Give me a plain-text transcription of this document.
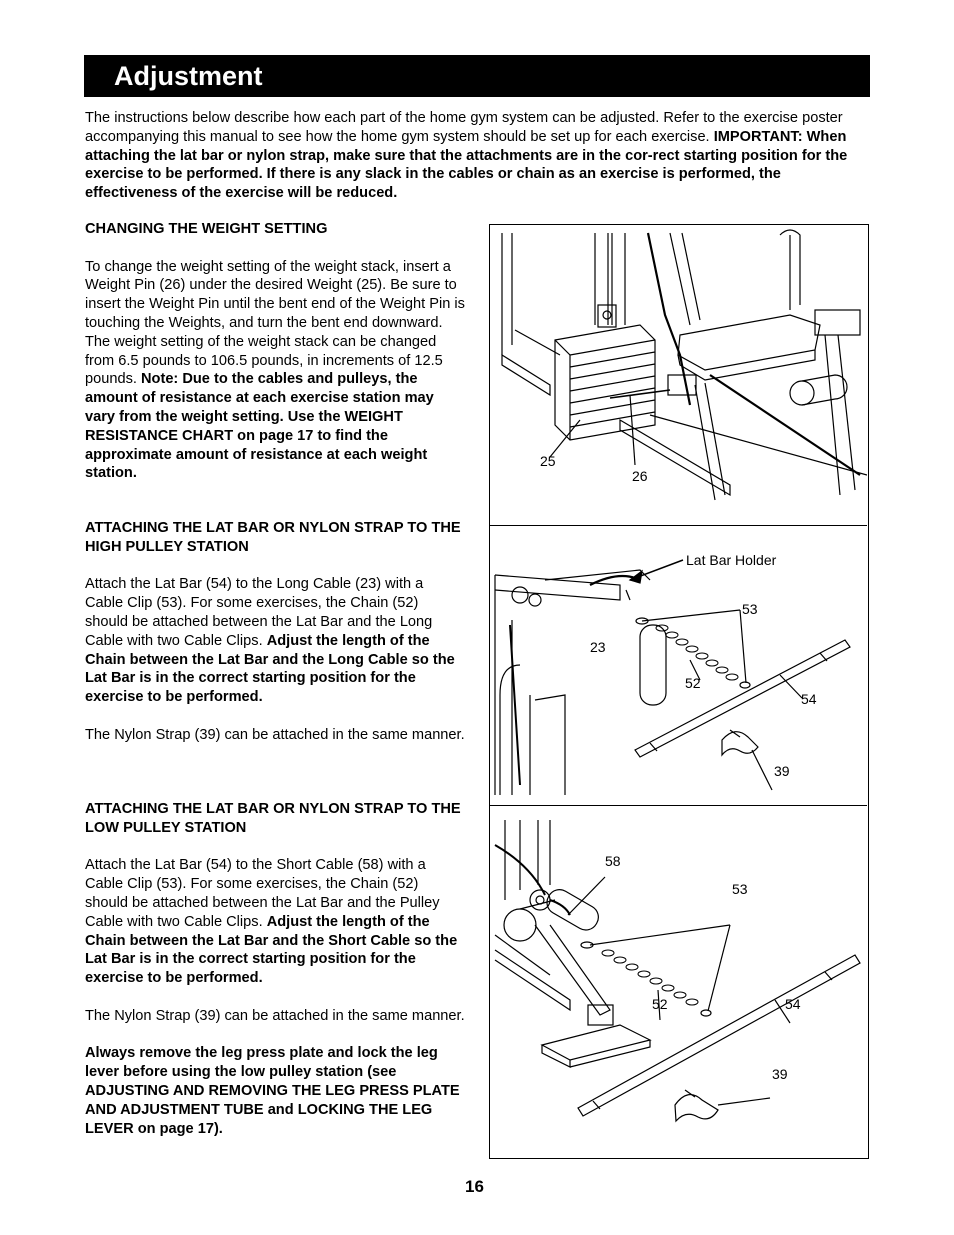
Adjustment

The instructions below describe how each part of the home gym system can be adjusted. Refer to the exercise poster accompanying this manual to see how the home gym system should be set up for each exercise. IMPORTANT: When attaching the lat bar or nylon strap, make sure that the attachments are in the cor-rect starting position for the exercise to be performed. If there is any slack in the cables or chain as an exercise is performed, the effectiveness of the exercise will be reduced.

CHANGING THE WEIGHT SETTING

To change the weight setting of the weight stack, insert a Weight Pin (26) under the desired Weight (25). Be sure to insert the Weight Pin until the bent end of the Weight Pin is touching the Weights, and turn the bent end downward. The weight setting of the weight stack can be changed from 6.5 pounds to 106.5 pounds, in increments of 12.5 pounds. Note: Due to the cables and pulleys, the amount of resistance at each exercise station may vary from the weight setting. Use the WEIGHT RESISTANCE CHART on page 17 to find the approximate amount of resistance at each weight station.

ATTACHING THE LAT BAR OR NYLON STRAP TO THE HIGH PULLEY STATION

Attach the Lat Bar (54) to the Long Cable (23) with a Cable Clip (53). For some exercises, the Chain (52) should be attached between the Lat Bar and the Long Cable with two Cable Clips. Adjust the length of the Chain between the Lat Bar and the Long Cable so the Lat Bar is in the correct starting position for the exercise to be performed.

The Nylon Strap (39) can be attached in the same manner.

ATTACHING THE LAT BAR OR NYLON STRAP TO THE LOW PULLEY STATION

Attach the Lat Bar (54) to the Short Cable (58) with a Cable Clip (53). For some exercises, the Chain (52) should be attached between the Lat Bar and the Pulley Cable with two Cable Clips. Adjust the length of the Chain between the Lat Bar and the Short Cable so the Lat Bar is in the correct starting position for the exercise to be performed.

The Nylon Strap (39) can be attached in the same manner.

Always remove the leg press plate and lock the leg lever before using the low pulley station (see ADJUSTING AND REMOVING THE LEG PRESS PLATE AND ADJUSTMENT TUBE and LOCKING THE LEG LEVER on page 17).

25
26
Lat Bar Holder
53
23
52
54
39
58
53
52	54
39
16
